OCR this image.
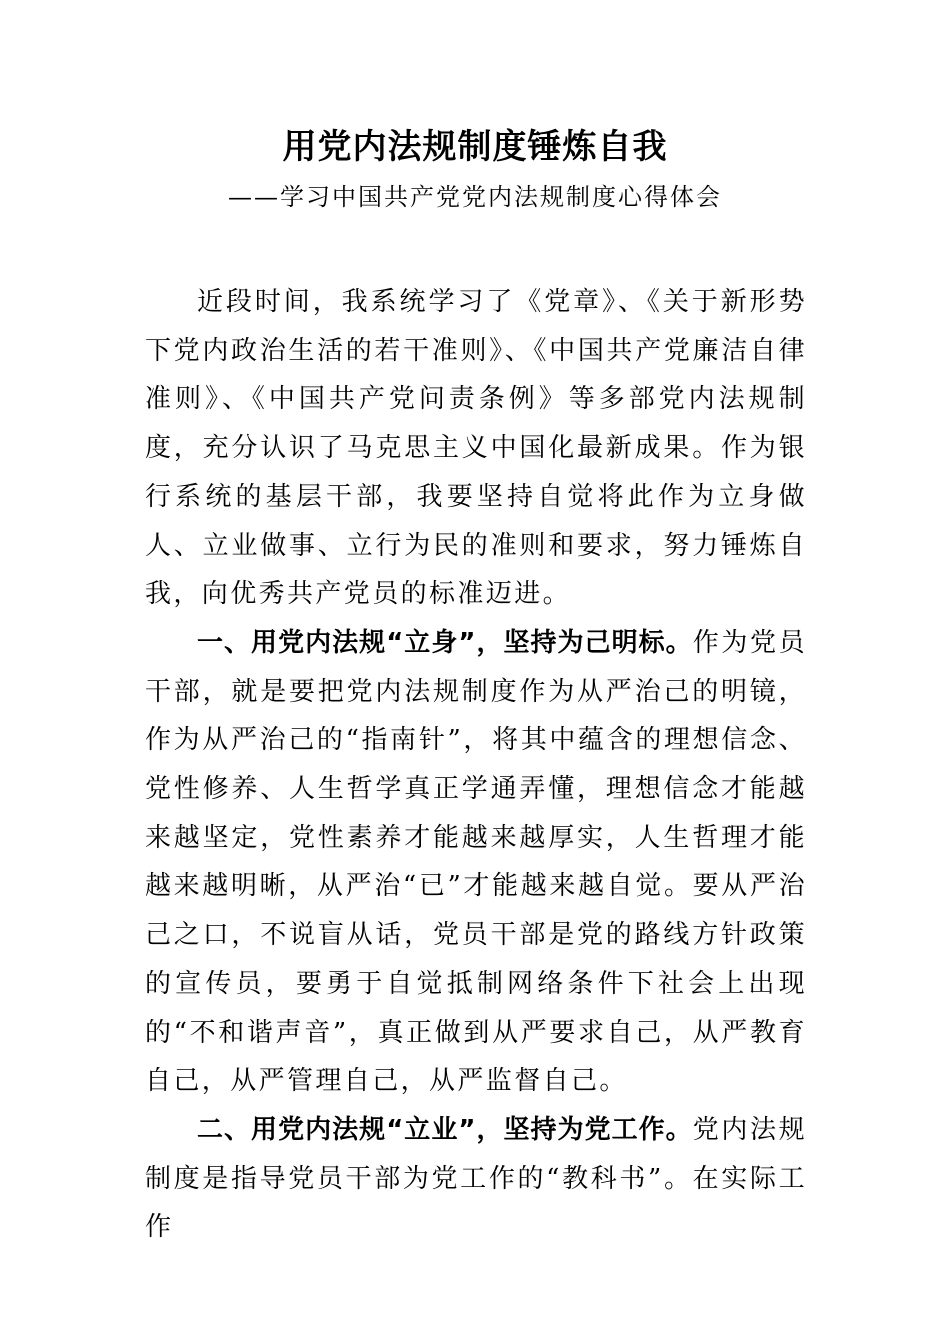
用党内法规制度锤炼自我
——学习中国共产党党内法规制度心得体会

近段时间，我系统学习了《党章》、《关于新形势下党内政治生活的若干准则》、《中国共产党廉洁自律准则》、《中国共产党问责条例》等多部党内法规制度，充分认识了马克思主义中国化最新成果。作为银行系统的基层干部，我要坚持自觉将此作为立身做人、立业做事、立行为民的准则和要求，努力锤炼自我，向优秀共产党员的标准迈进。

一、用党内法规“立身”，坚持为己明标。作为党员干部，就是要把党内法规制度作为从严治己的明镜，作为从严治己的“指南针”，将其中蕴含的理想信念、党性修养、人生哲学真正学通弄懂，理想信念才能越来越坚定，党性素养才能越来越厚实，人生哲理才能越来越明晰，从严治“已”才能越来越自觉。要从严治己之口，不说盲从话，党员干部是党的路线方针政策的宣传员，要勇于自觉抵制网络条件下社会上出现的“不和谐声音”，真正做到从严要求自己，从严教育自己，从严管理自己，从严监督自己。

二、用党内法规“立业”，坚持为党工作。党内法规制度是指导党员干部为党工作的“教科书”。在实际工作
